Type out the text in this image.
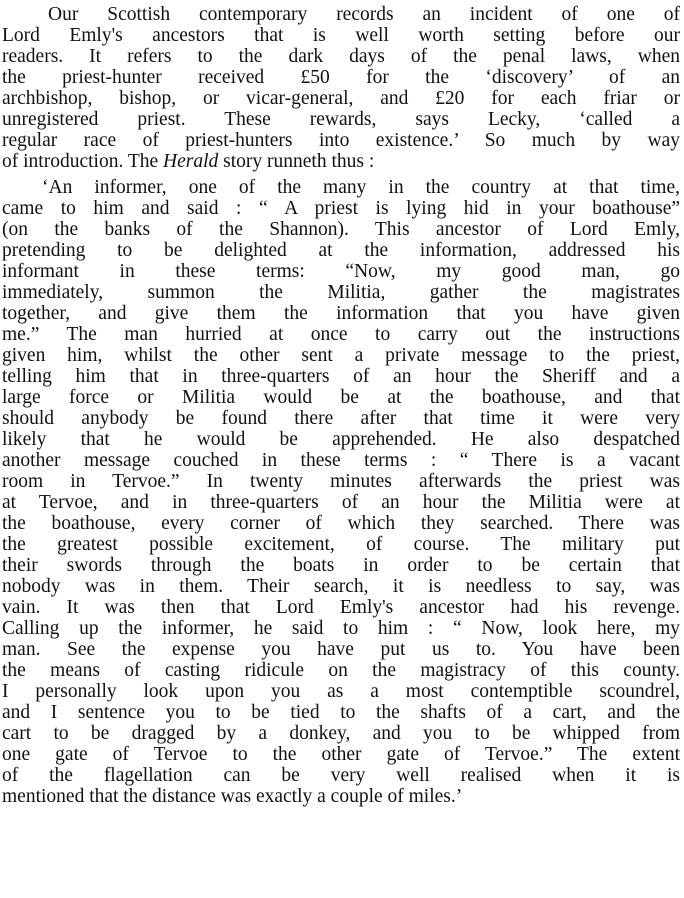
Our Scottish contemporary records an incident of one of
Lord Emly's ancestors that is well worth setting before our
readers. It refers to the dark days of the penal laws, when
the priest-hunter received £50 for the ‘discovery’ of an
archbishop, bishop, or vicar-general, and £20 for each friar or
unregistered priest. These rewards, says Lecky, ‘called a
regular race of priest-hunters into existence.’ So much by way
of introduction. The Herald story runneth thus :
‘An informer, one of the many in the country at that time,
came to him and said : “ A priest is lying hid in your boathouse”
(on the banks of the Shannon). This ancestor of Lord Emly,
pretending to be delighted at the information, addressed his
informant in these terms: “Now, my good man, go
immediately, summon the Militia, gather the magistrates
together, and give them the information that you have given
me.” The man hurried at once to carry out the instructions
given him, whilst the other sent a private message to the priest,
telling him that in three-quarters of an hour the Sheriff and a
large force or Militia would be at the boathouse, and that
should anybody be found there after that time it were very
likely that he would be apprehended. He also despatched
another message couched in these terms : “ There is a vacant
room in Tervoe.” In twenty minutes afterwards the priest was
at Tervoe, and in three-quarters of an hour the Militia were at
the boathouse, every corner of which they searched. There was
the greatest possible excitement, of course. The military put
their swords through the boats in order to be certain that
nobody was in them. Their search, it is needless to say, was
vain. It was then that Lord Emly's ancestor had his revenge.
Calling up the informer, he said to him : “ Now, look here, my
man. See the expense you have put us to. You have been
the means of casting ridicule on the magistracy of this county.
I personally look upon you as a most contemptible scoundrel,
and I sentence you to be tied to the shafts of a cart, and the
cart to be dragged by a donkey, and you to be whipped from
one gate of Tervoe to the other gate of Tervoe.” The extent
of the flagellation can be very well realised when it is
mentioned that the distance was exactly a couple of miles.’
